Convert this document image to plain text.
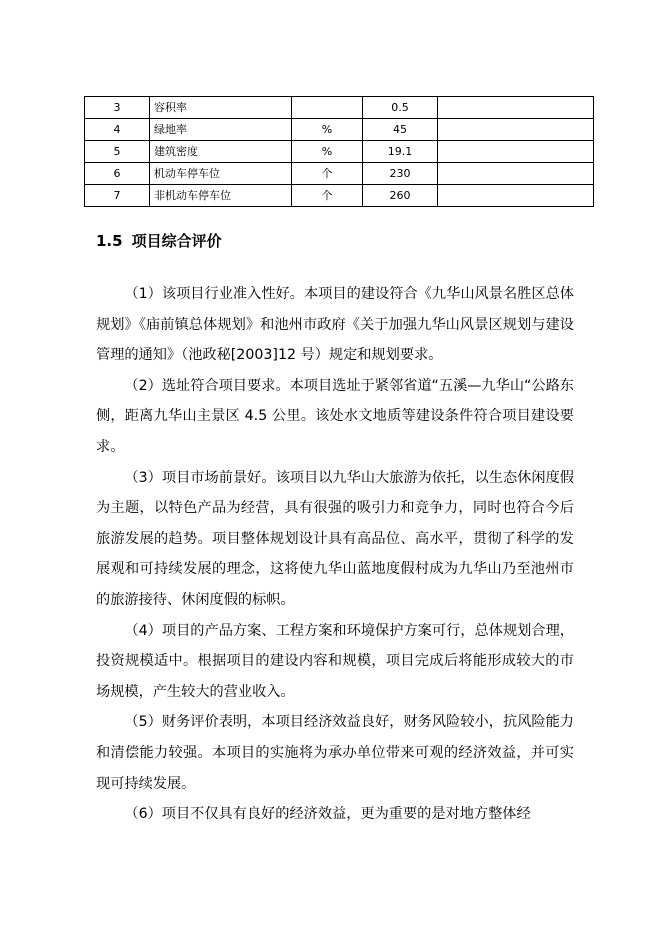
3	容积率		0.5	
4	绿地率	%	45	
5	建筑密度	%	19.1	
6	机动车停车位	个	230	
7	非机动车停车位	个	260	
1.5 项目综合评价

（1）该项目行业准入性好。本项目的建设符合《九华山风景名胜区总体规划》《庙前镇总体规划》和池州市政府《关于加强九华山风景区规划与建设管理的通知》（池政秘[2003]12 号）规定和规划要求。

（2）选址符合项目要求。本项目选址于紧邻省道“五溪—九华山“公路东侧，距离九华山主景区 4.5 公里。该处水文地质等建设条件符合项目建设要求。

（3）项目市场前景好。该项目以九华山大旅游为依托，以生态休闲度假为主题，以特色产品为经营，具有很强的吸引力和竞争力，同时也符合今后旅游发展的趋势。项目整体规划设计具有高品位、高水平，贯彻了科学的发展观和可持续发展的理念，这将使九华山蓝地度假村成为九华山乃至池州市的旅游接待、休闲度假的标帜。

（4）项目的产品方案、工程方案和环境保护方案可行，总体规划合理，投资规模适中。根据项目的建设内容和规模，项目完成后将能形成较大的市场规模，产生较大的营业收入。

（5）财务评价表明，本项目经济效益良好，财务风险较小，抗风险能力和清偿能力较强。本项目的实施将为承办单位带来可观的经济效益，并可实现可持续发展。

（6）项目不仅具有良好的经济效益，更为重要的是对地方整体经
